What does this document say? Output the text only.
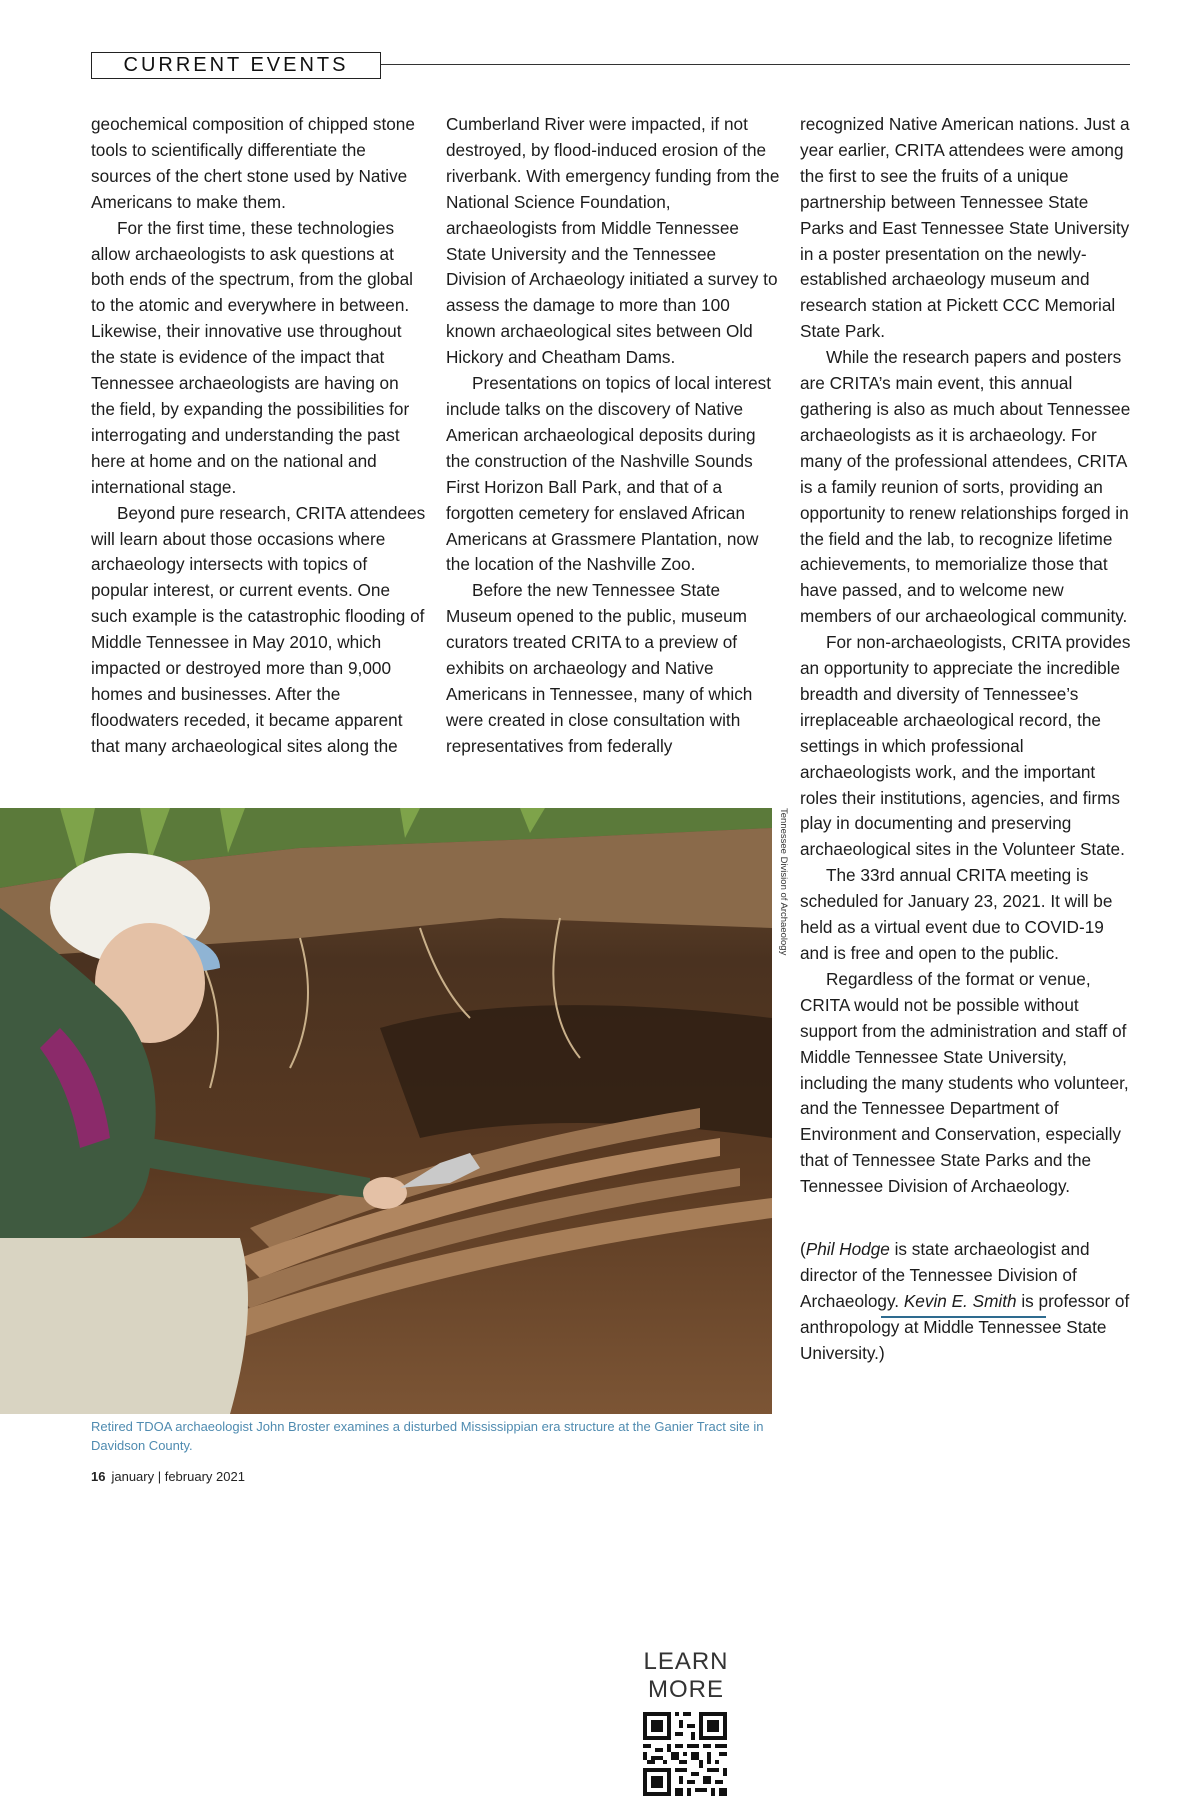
CURRENT EVENTS

geochemical composition of chipped stone tools to scientifically differentiate the sources of the chert stone used by Native Americans to make them.

For the first time, these technologies allow archaeologists to ask questions at both ends of the spectrum, from the global to the atomic and everywhere in between. Likewise, their innovative use throughout the state is evidence of the impact that Tennessee archaeologists are having on the field, by expanding the possibilities for interrogating and understanding the past here at home and on the national and international stage.

Beyond pure research, CRITA attendees will learn about those occasions where archaeology intersects with topics of popular interest, or current events. One such example is the catastrophic flooding of Middle Tennessee in May 2010, which impacted or destroyed more than 9,000 homes and businesses. After the floodwaters receded, it became apparent that many archaeological sites along the

Cumberland River were impacted, if not destroyed, by flood-induced erosion of the riverbank. With emergency funding from the National Science Foundation, archaeologists from Middle Tennessee State University and the Tennessee Division of Archaeology initiated a survey to assess the damage to more than 100 known archaeological sites between Old Hickory and Cheatham Dams.

Presentations on topics of local interest include talks on the discovery of Native American archaeological deposits during the construction of the Nashville Sounds First Horizon Ball Park, and that of a forgotten cemetery for enslaved African Americans at Grassmere Plantation, now the location of the Nashville Zoo.

Before the new Tennessee State Museum opened to the public, museum curators treated CRITA to a preview of exhibits on archaeology and Native Americans in Tennessee, many of which were created in close consultation with representatives from federally

recognized Native American nations. Just a year earlier, CRITA attendees were among the first to see the fruits of a unique partnership between Tennessee State Parks and East Tennessee State University in a poster presentation on the newly-established archaeology museum and research station at Pickett CCC Memorial State Park.

While the research papers and posters are CRITA’s main event, this annual gathering is also as much about Tennessee archaeologists as it is archaeology. For many of the professional attendees, CRITA is a family reunion of sorts, providing an opportunity to renew relationships forged in the field and the lab, to recognize lifetime achievements, to memorialize those that have passed, and to welcome new members of our archaeological community.

For non-archaeologists, CRITA provides an opportunity to appreciate the incredible breadth and diversity of Tennessee’s irreplaceable archaeological record, the settings in which professional archaeologists work, and the important roles their institutions, agencies, and firms play in documenting and preserving archaeological sites in the Volunteer State.

The 33rd annual CRITA meeting is scheduled for January 23, 2021. It will be held as a virtual event due to COVID-19 and is free and open to the public.

Regardless of the format or venue, CRITA would not be possible without support from the administration and staff of Middle Tennessee State University, including the many students who volunteer, and the Tennessee Department of Environment and Conservation, especially that of Tennessee State Parks and the Tennessee Division of Archaeology.

(Phil Hodge is state archaeologist and director of the Tennessee Division of Archaeology. Kevin E. Smith is professor of anthropology at Middle Tennessee State University.)

LEARN
MORE
Tennessee Division of Archaeology
Retired TDOA archaeologist John Broster examines a disturbed Mississippian era structure at the Ganier Tract site in Davidson County.
16 january | february 2021
